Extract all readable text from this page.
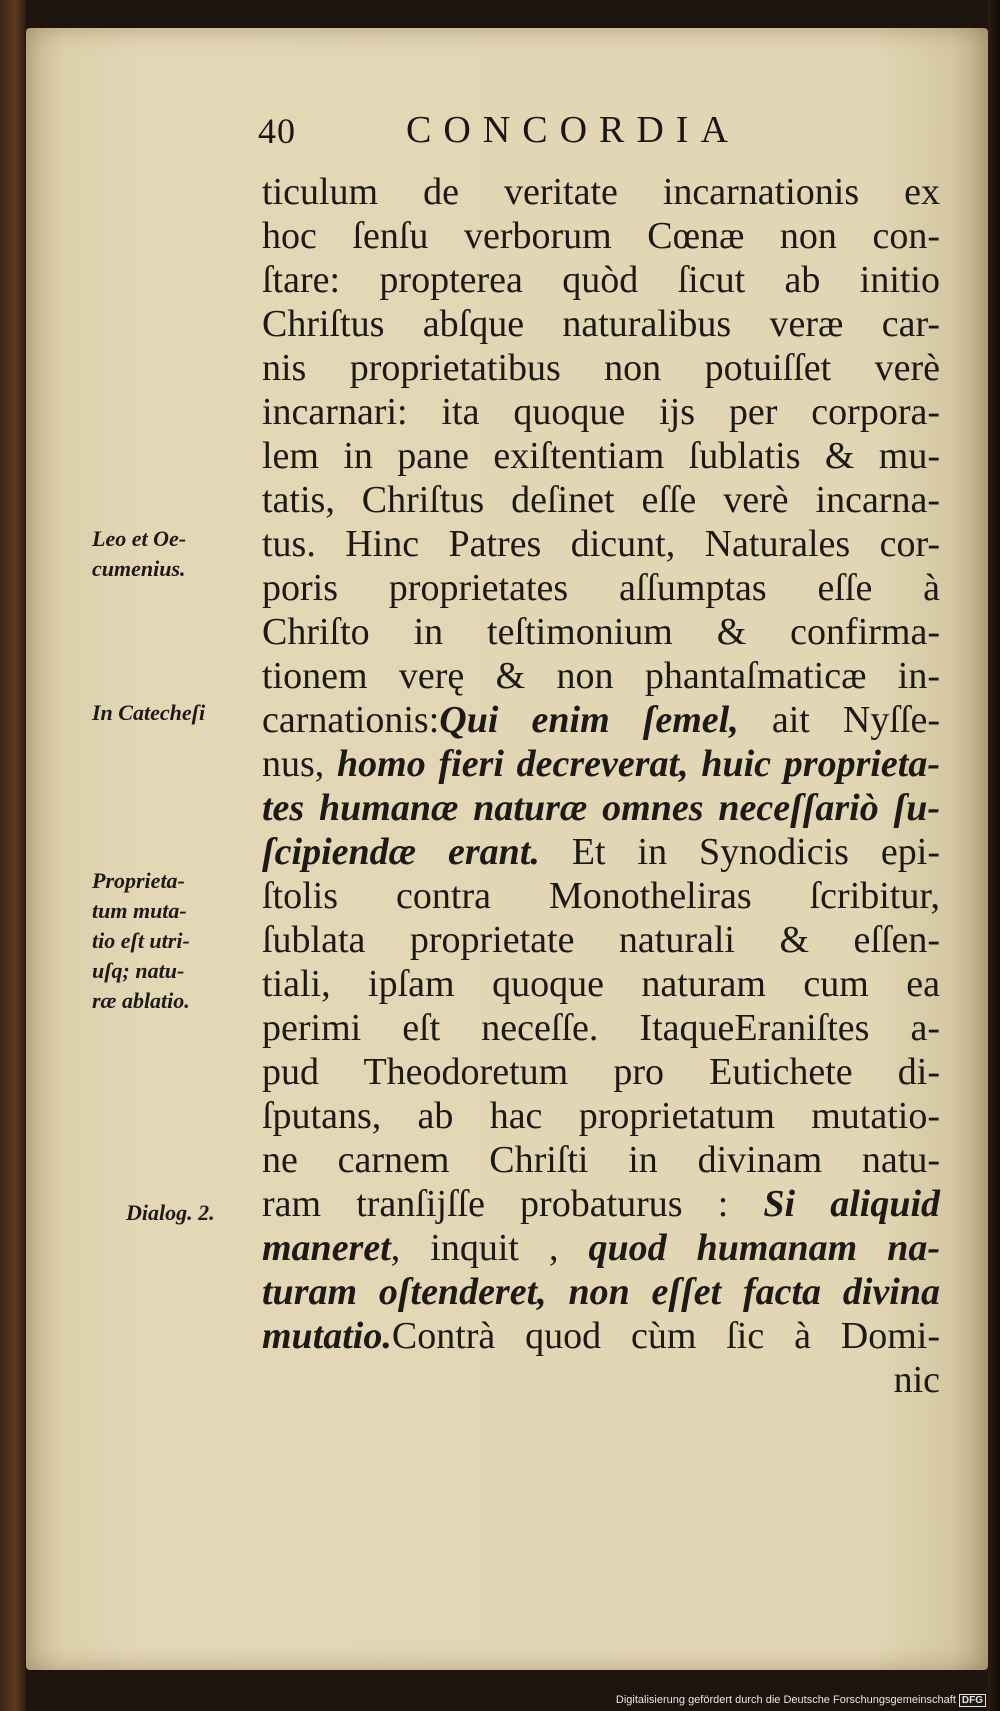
40	CONCORDIA
ticulum de veritate incarnationis ex
hoc ſenſu verborum Cœnæ non con-
ſtare: propterea quòd ſicut ab initio
Chriſtus abſque naturalibus veræ car-
nis proprietatibus non potuiſſet verè
incarnari: ita quoque ijs per corpora-
lem in pane exiſtentiam ſublatis & mu-
tatis, Chriſtus deſinet eſſe verè incarna-
tus. Hinc Patres dicunt, Naturales cor-
poris proprietates aſſumptas eſſe à
Chriſto in teſtimonium & confirma-
tionem verę & non phantaſmaticæ in-
carnationis:Qui enim ſemel, ait Nyſſe-
nus, homo fieri decreverat, huic proprieta-
tes humanæ naturæ omnes neceſſariò ſu-
ſcipiendæ erant. Et in Synodicis epi-
ſtolis contra Monotheliras ſcribitur,
ſublata proprietate naturali & eſſen-
tiali, ipſam quoque naturam cum ea
perimi eſt neceſſe. ItaqueEraniſtes a-
pud Theodoretum pro Eutichete di-
ſputans, ab hac proprietatum mutatio-
ne carnem Chriſti in divinam natu-
ram tranſijſſe probaturus : Si aliquid
maneret, inquit , quod humanam na-
turam oſtenderet, non eſſet facta divina
mutatio.Contrà quod cùm ſic à Domi-
nic
Leo et Oe-
cumenius.
In Catecheſi
Proprieta-
tum muta-
tio eſt utri-
uſq; natu-
ræ ablatio.
Dialog. 2.
Digitalisierung gefördert durch die Deutsche Forschungsgemeinschaft DFG
